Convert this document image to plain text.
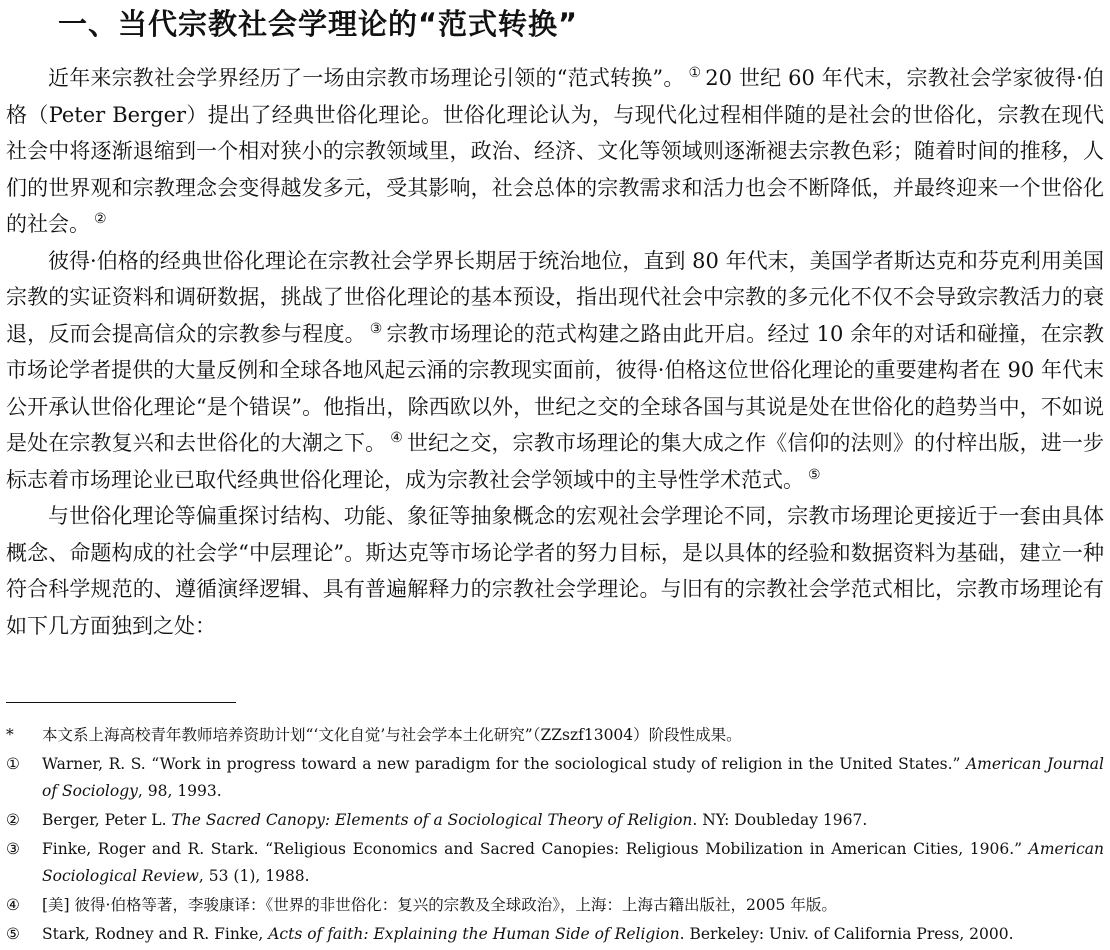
一、当代宗教社会学理论的“范式转换”

近年来宗教社会学界经历了一场由宗教市场理论引领的“范式转换”。 ① 20 世纪 60 年代末，宗教社会学家彼得·伯格（Peter Berger）提出了经典世俗化理论。世俗化理论认为，与现代化过程相伴随的是社会的世俗化，宗教在现代社会中将逐渐退缩到一个相对狭小的宗教领域里，政治、经济、文化等领域则逐渐褪去宗教色彩；随着时间的推移，人们的世界观和宗教理念会变得越发多元，受其影响，社会总体的宗教需求和活力也会不断降低，并最终迎来一个世俗化的社会。 ②

彼得·伯格的经典世俗化理论在宗教社会学界长期居于统治地位，直到 80 年代末，美国学者斯达克和芬克利用美国宗教的实证资料和调研数据，挑战了世俗化理论的基本预设，指出现代社会中宗教的多元化不仅不会导致宗教活力的衰退，反而会提高信众的宗教参与程度。 ③ 宗教市场理论的范式构建之路由此开启。经过 10 余年的对话和碰撞，在宗教市场论学者提供的大量反例和全球各地风起云涌的宗教现实面前，彼得·伯格这位世俗化理论的重要建构者在 90 年代末公开承认世俗化理论“是个错误”。他指出，除西欧以外，世纪之交的全球各国与其说是处在世俗化的趋势当中，不如说是处在宗教复兴和去世俗化的大潮之下。 ④ 世纪之交，宗教市场理论的集大成之作《信仰的法则》的付梓出版，进一步标志着市场理论业已取代经典世俗化理论，成为宗教社会学领域中的主导性学术范式。 ⑤

与世俗化理论等偏重探讨结构、功能、象征等抽象概念的宏观社会学理论不同，宗教市场理论更接近于一套由具体概念、命题构成的社会学“中层理论”。斯达克等市场论学者的努力目标，是以具体的经验和数据资料为基础，建立一种符合科学规范的、遵循演绎逻辑、具有普遍解释力的宗教社会学理论。与旧有的宗教社会学范式相比，宗教市场理论有如下几方面独到之处：

*	本文系上海高校青年教师培养资助计划“‘文化自觉’与社会学本土化研究”（ZZszf13004）阶段性成果。
①	Warner, R. S. “Work in progress toward a new paradigm for the sociological study of religion in the United States.” American Journal of Sociology, 98, 1993.
②	Berger, Peter L. The Sacred Canopy: Elements of a Sociological Theory of Religion. NY: Doubleday 1967.
③	Finke, Roger and R. Stark. “Religious Economics and Sacred Canopies: Religious Mobilization in American Cities, 1906.” American Sociological Review, 53 (1), 1988.
④	[美] 彼得·伯格等著，李骏康译：《世界的非世俗化：复兴的宗教及全球政治》，上海：上海古籍出版社，2005 年版。
⑤	Stark, Rodney and R. Finke, Acts of faith: Explaining the Human Side of Religion. Berkeley: Univ. of California Press, 2000.
